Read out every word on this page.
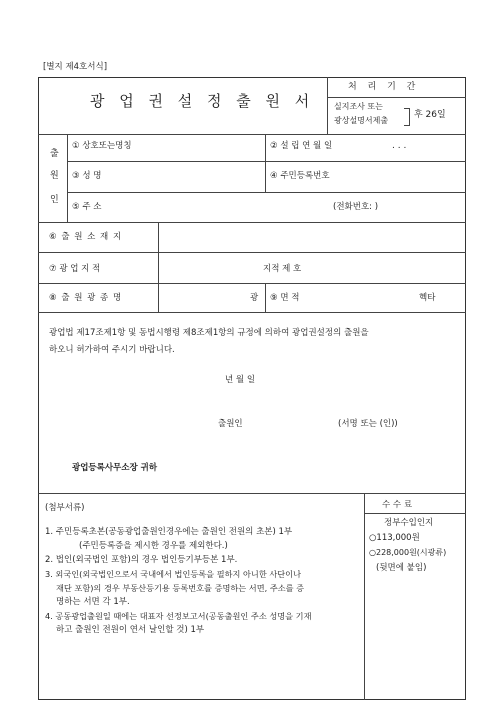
[별지 제4호서식]
광 업 권 설 정 출 원 서
처 리 기 간
실지조사 또는
광상설명서제출
후 26일
출
원
인
① 상호또는명칭	② 설 립 연 월 일	. . .
③ 성 명	④ 주민등록번호
⑤ 주 소	(전화번호: )
⑥ 출 원 소 재 지
⑦ 광 업 지 적	지적 제 호
⑧ 출 원 광 종 명	광 ⑨ 면 적	헥타
광업법 제17조제1항 및 동법시행령 제8조제1항의 규정에 의하여 광업권설정의 출원을
하오니 허가하여 주시기 바랍니다.
년 월 일
출원인	(서명 또는 (인))
광업등록사무소장 귀하
(첨부서류)
1. 주민등록초본(공동광업출원인경우에는 출원인 전원의 초본) 1부
(주민등록증을 제시한 경우를 제외한다.)
2. 법인(외국법인 포함)의 경우 법인등기부등본 1부.
3. 외국인(외국법인으로서 국내에서 법인등록을 필하지 아니한 사단이나
재단 포함)의 경우 부동산등기용 등록번호를 증명하는 서면, 주소를 증
명하는 서면 각 1부.
4. 공동광업출원일 때에는 대표자 선정보고서(공동출원인 주소 성명을 기재
하고 출원인 전원이 연서 날인할 것) 1부
수 수 료
정부수입인지
○113,000원
○228,000원(시광류)
(뒷면에 붙임)
